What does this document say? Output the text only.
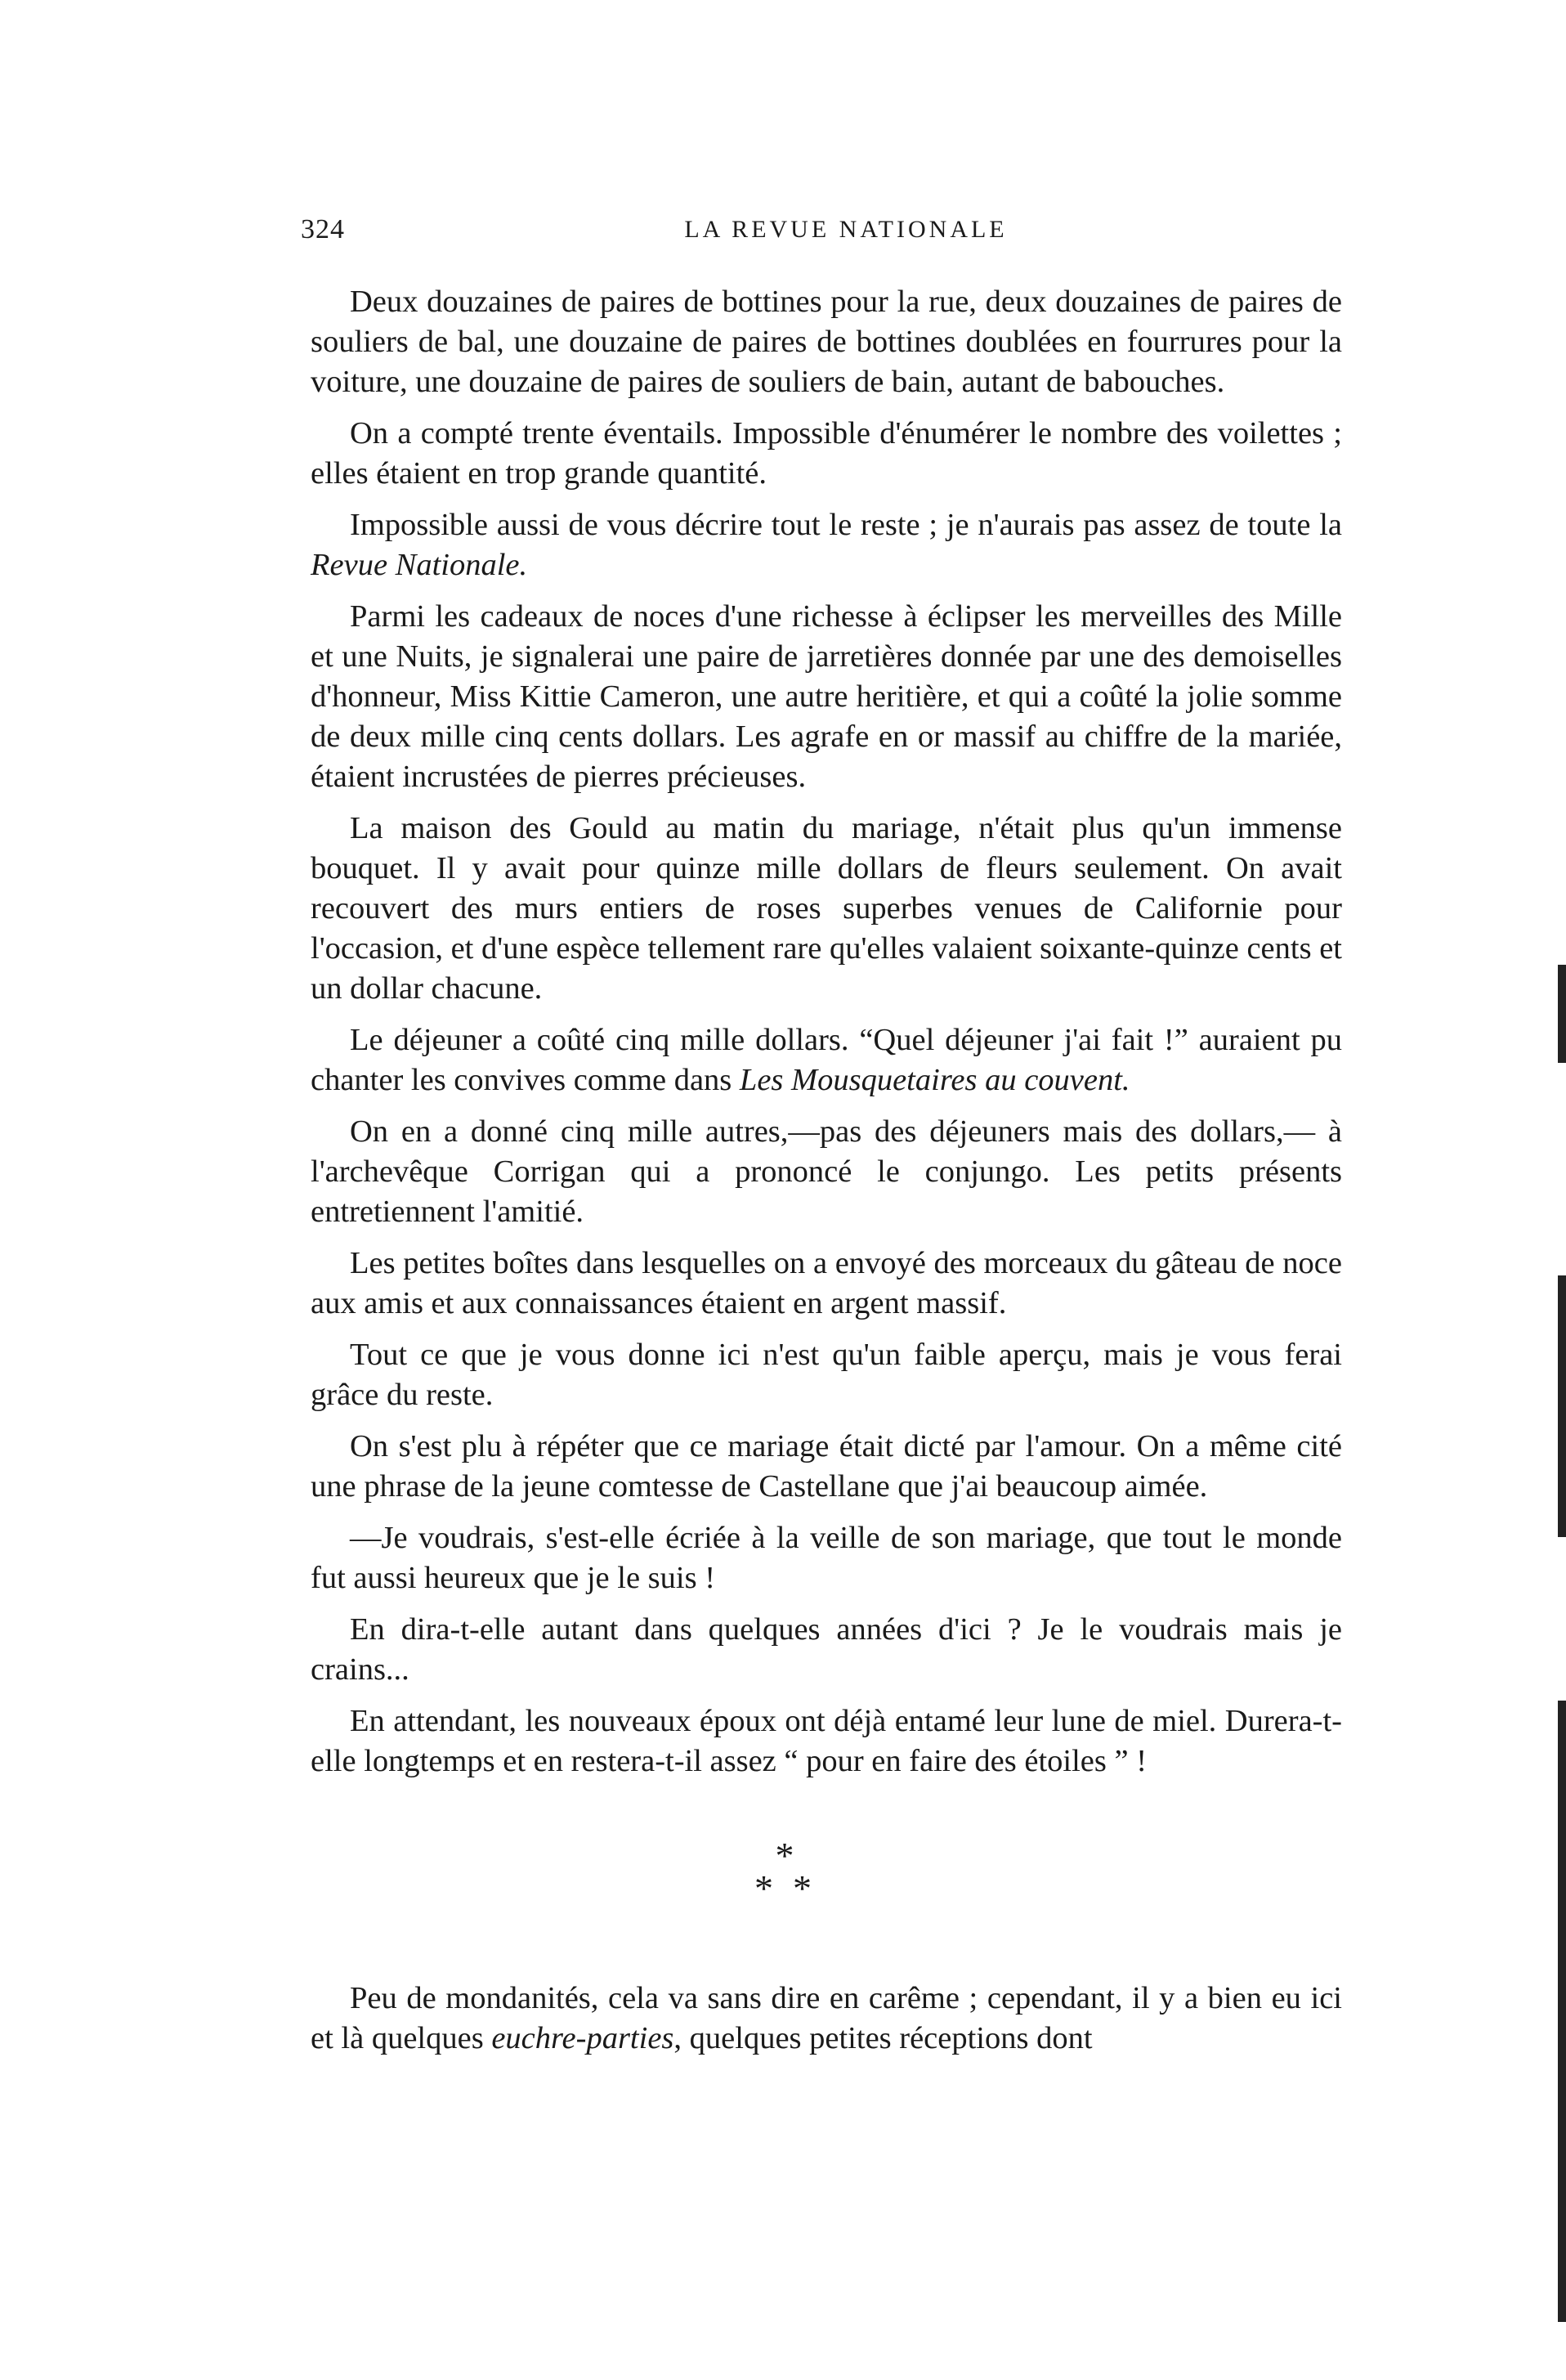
324	LA REVUE NATIONALE

Deux douzaines de paires de bottines pour la rue, deux douzaines de paires de souliers de bal, une douzaine de paires de bottines doublées en fourrures pour la voiture, une douzaine de paires de souliers de bain, autant de babouches.

On a compté trente éventails. Impossible d'énumérer le nombre des voilettes ; elles étaient en trop grande quantité.

Impossible aussi de vous décrire tout le reste ; je n'aurais pas assez de toute la Revue Nationale.

Parmi les cadeaux de noces d'une richesse à éclipser les merveilles des Mille et une Nuits, je signalerai une paire de jarretières donnée par une des demoiselles d'honneur, Miss Kittie Cameron, une autre heritière, et qui a coûté la jolie somme de deux mille cinq cents dollars. Les agrafe en or massif au chiffre de la mariée, étaient incrustées de pierres précieuses.

La maison des Gould au matin du mariage, n'était plus qu'un immense bouquet. Il y avait pour quinze mille dollars de fleurs seulement. On avait recouvert des murs entiers de roses superbes venues de Californie pour l'occasion, et d'une espèce tellement rare qu'elles valaient soixante-quinze cents et un dollar chacune.

Le déjeuner a coûté cinq mille dollars. “Quel déjeuner j'ai fait !” auraient pu chanter les convives comme dans Les Mousquetaires au couvent.

On en a donné cinq mille autres,—pas des déjeuners mais des dollars,— à l'archevêque Corrigan qui a prononcé le conjungo. Les petits présents entretiennent l'amitié.

Les petites boîtes dans lesquelles on a envoyé des morceaux du gâteau de noce aux amis et aux connaissances étaient en argent massif.

Tout ce que je vous donne ici n'est qu'un faible aperçu, mais je vous ferai grâce du reste.

On s'est plu à répéter que ce mariage était dicté par l'amour. On a même cité une phrase de la jeune comtesse de Castellane que j'ai beaucoup aimée.

—Je voudrais, s'est-elle écriée à la veille de son mariage, que tout le monde fut aussi heureux que je le suis !

En dira-t-elle autant dans quelques années d'ici ? Je le voudrais mais je crains...

En attendant, les nouveaux époux ont déjà entamé leur lune de miel. Durera-t-elle longtemps et en restera-t-il assez “ pour en faire des étoiles ” !

*
**

Peu de mondanités, cela va sans dire en carême ; cependant, il y a bien eu ici et là quelques euchre-parties, quelques petites réceptions dont
